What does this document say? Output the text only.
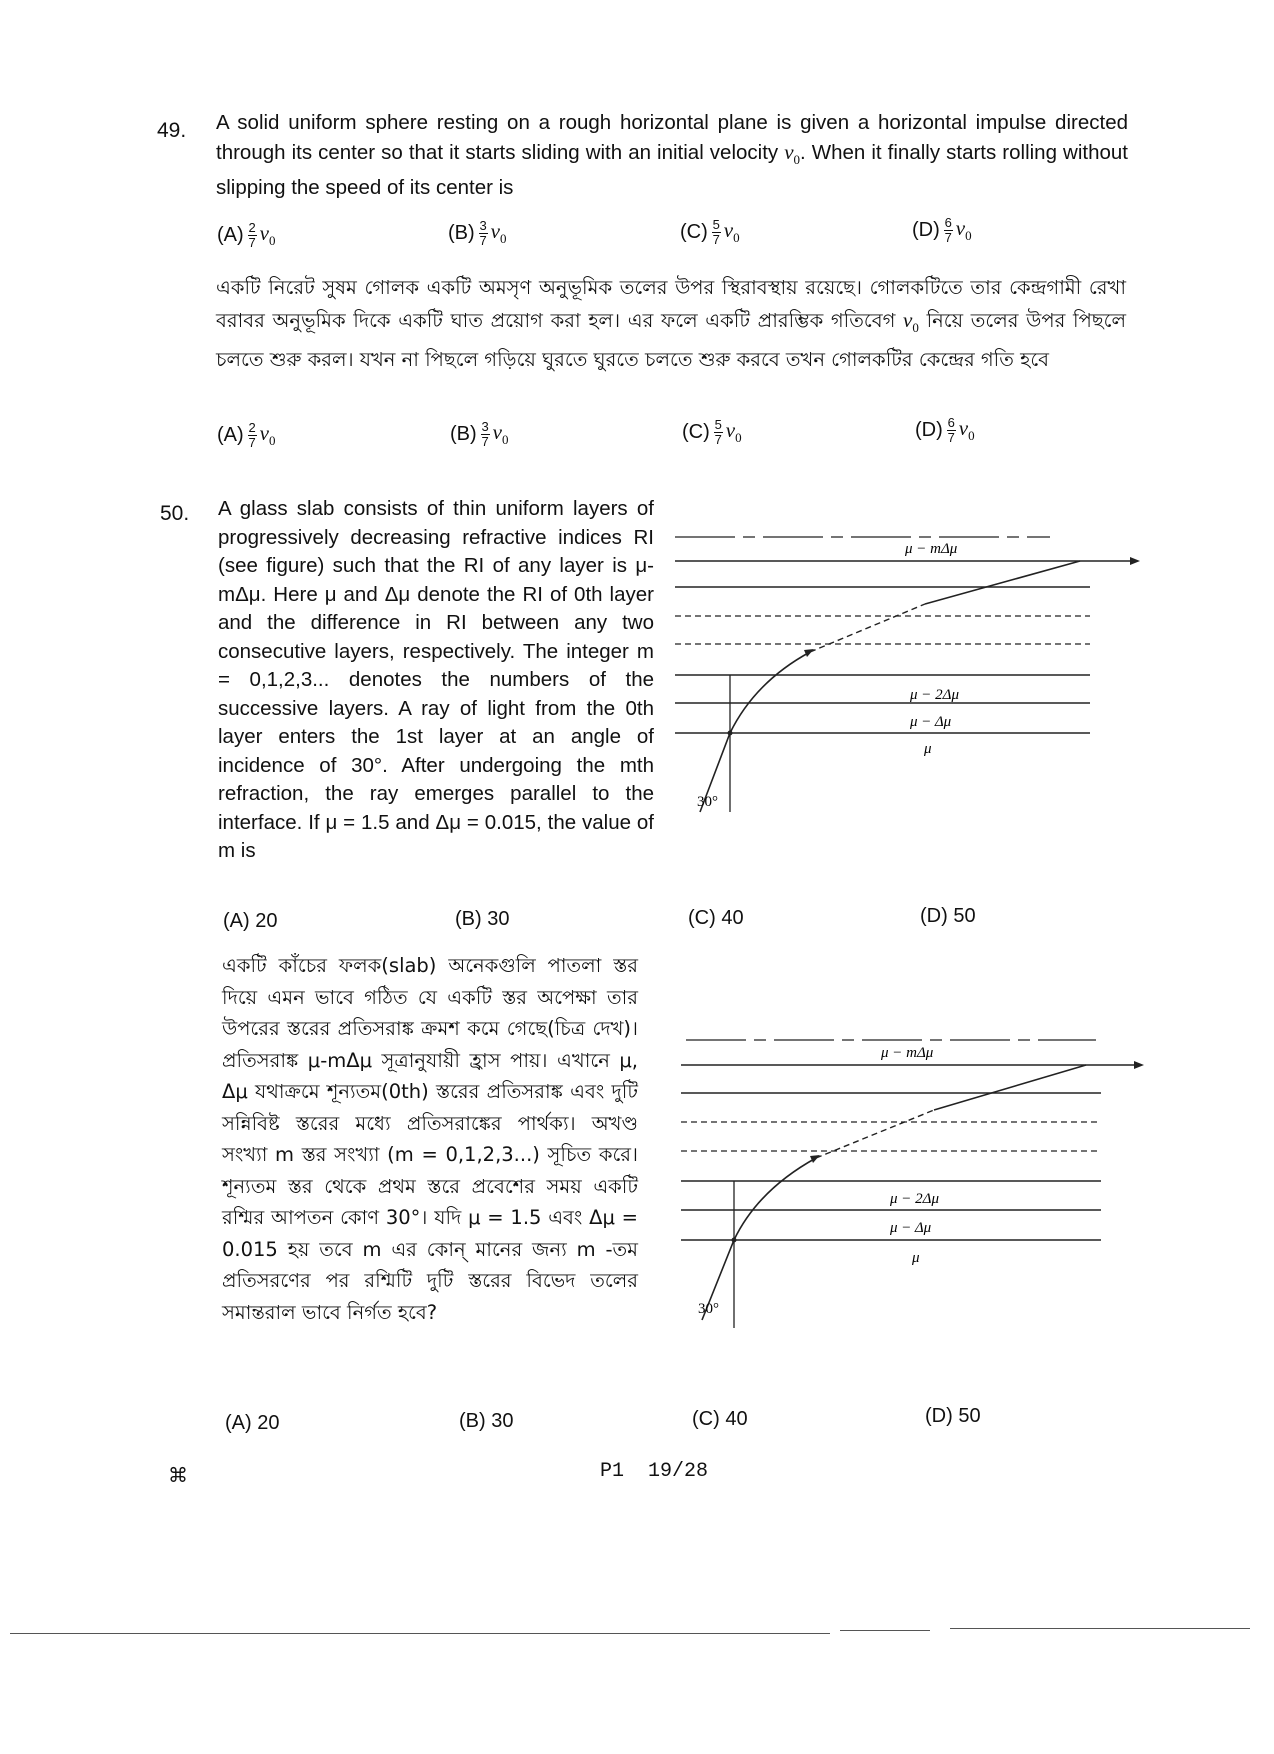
49. A solid uniform sphere resting on a rough horizontal plane is given a horizontal impulse directed through its center so that it starts sliding with an initial velocity $v_0$. When it finally starts rolling without slipping the speed of its center is
$(A) \frac{2}{7} v_0$	$(B) \frac{3}{7} v_0$	$(C) \frac{5}{7} v_0$	$(D) \frac{6}{7} v_0$
একটি নিরেট সুষম গোলক একটি অমসৃণ অনুভূমিক তলের উপর স্থিরাবস্থায় রয়েছে। গোলকটিতে তার কেন্দ্রগামী রেখা বরাবর অনুভূমিক দিকে একটি ঘাত প্রয়োগ করা হল। এর ফলে একটি প্রারম্ভিক গতিবেগ $v_0$ নিয়ে তলের উপর পিছলে চলতে শুরু করল। যখন না পিছলে গড়িয়ে ঘুরতে ঘুরতে চলতে শুরু করবে তখন গোলকটির কেন্দ্রের গতি হবে
$(A) \frac{2}{7} v_0$	$(B) \frac{3}{7} v_0$	$(C) \frac{5}{7} v_0$	$(D) \frac{6}{7} v_0$
50. A glass slab consists of thin uniform layers of progressively decreasing refractive indices RI (see figure) such that the RI of any layer is μ-mΔμ. Here μ and Δμ denote the RI of 0th layer and the difference in RI between any two consecutive layers, respectively. The integer m = 0,1,2,3... denotes the numbers of the successive layers. A ray of light from the 0th layer enters the 1st layer at an angle of incidence of 30°. After undergoing the mth refraction, the ray emerges parallel to the interface. If μ = 1.5 and Δμ = 0.015, the value of m is
μ − mΔμ
μ − 2Δμ
μ − Δμ
μ
30°
(A)
20	(B)
30	(C)
40	(D)
50
একটি কাঁচের ফলক(slab) অনেকগুলি পাতলা স্তর দিয়ে এমন ভাবে গঠিত যে একটি স্তর অপেক্ষা তার উপরের স্তরের প্রতিসরাঙ্ক ক্রমশ কমে গেছে(চিত্র দেখ)। প্রতিসরাঙ্ক μ-mΔμ সূত্রানুযায়ী হ্রাস পায়। এখানে μ, Δμ যথাক্রমে শূন্যতম(0th) স্তরের প্রতিসরাঙ্ক এবং দুটি সন্নিবিষ্ট স্তরের মধ্যে প্রতিসরাঙ্কের পার্থক্য। অখণ্ড সংখ্যা m স্তর সংখ্যা (m = 0,1,2,3...) সূচিত করে। শূন্যতম স্তর থেকে প্রথম স্তরে প্রবেশের সময় একটি রশ্মির আপতন কোণ 30°। যদি μ = 1.5 এবং Δμ = 0.015 হয় তবে m এর কোন্ মানের জন্য m -তম প্রতিসরণের পর রশ্মিটি দুটি স্তরের বিভেদ তলের সমান্তরাল ভাবে নির্গত হবে?
μ − mΔμ
μ − 2Δμ
μ − Δμ
μ
30°
(A)
20	(B)
30	(C)
40	(D)
50
⌘	P1  19/28
